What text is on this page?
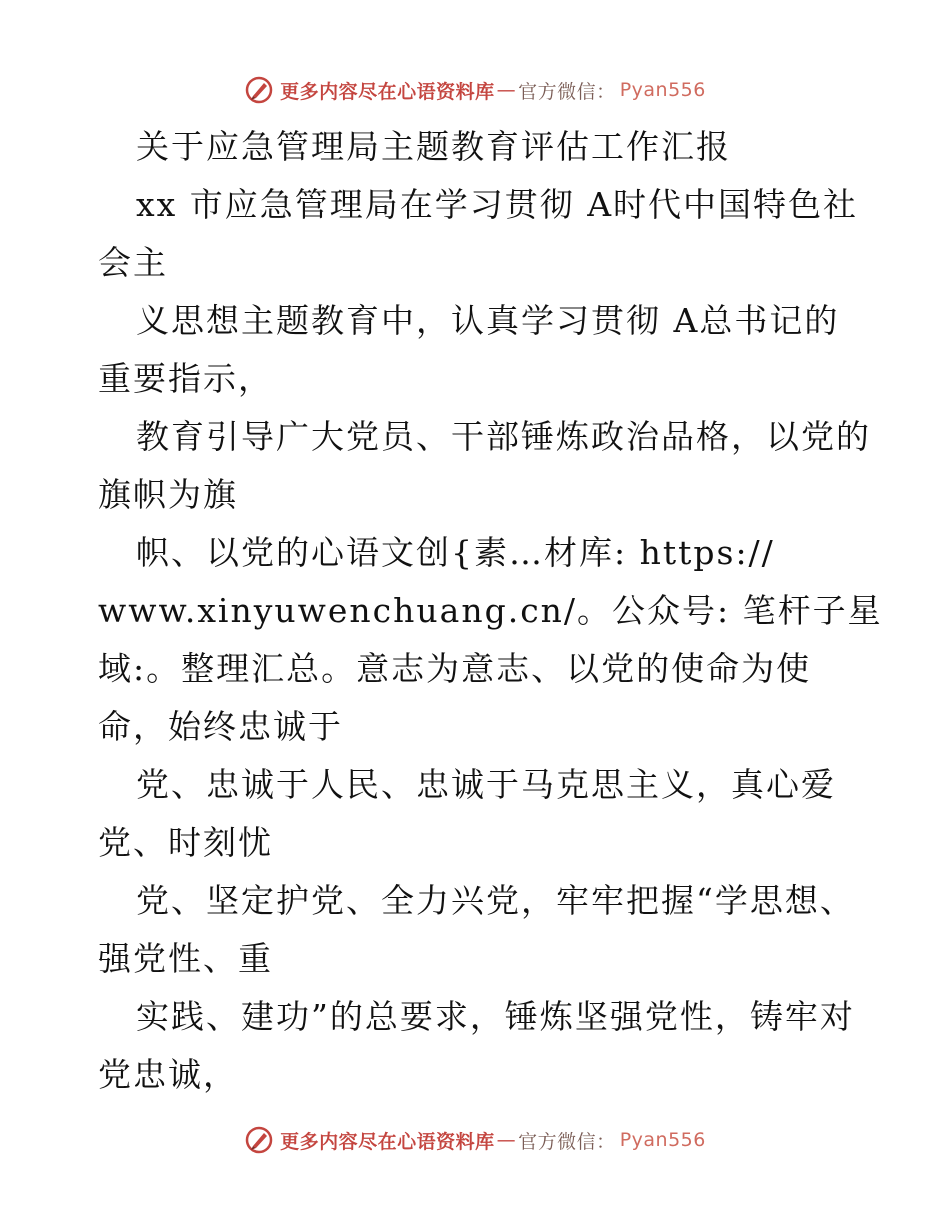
更多内容尽在心语资料库 — 官方微信： Pyan556
关于应急管理局主题教育评估工作汇报
xx 市应急管理局在学习贯彻 A时代中国特色社
会主
义思想主题教育中，认真学习贯彻 A总书记的
重要指示，
教育引导广大党员、干部锤炼政治品格，以党的
旗帜为旗
帜、以党的心语文创{素…材库: https://
www.xinyuwenchuang.cn/。公众号: 笔杆子星
域:。整理汇总。意志为意志、以党的使命为使
命，始终忠诚于
党、忠诚于人民、忠诚于马克思主义，真心爱
党、时刻忧
党、坚定护党、全力兴党，牢牢把握“学思想、
强党性、重
实践、建功”的总要求，锤炼坚强党性，铸牢对
党忠诚，
更多内容尽在心语资料库 — 官方微信： Pyan556
